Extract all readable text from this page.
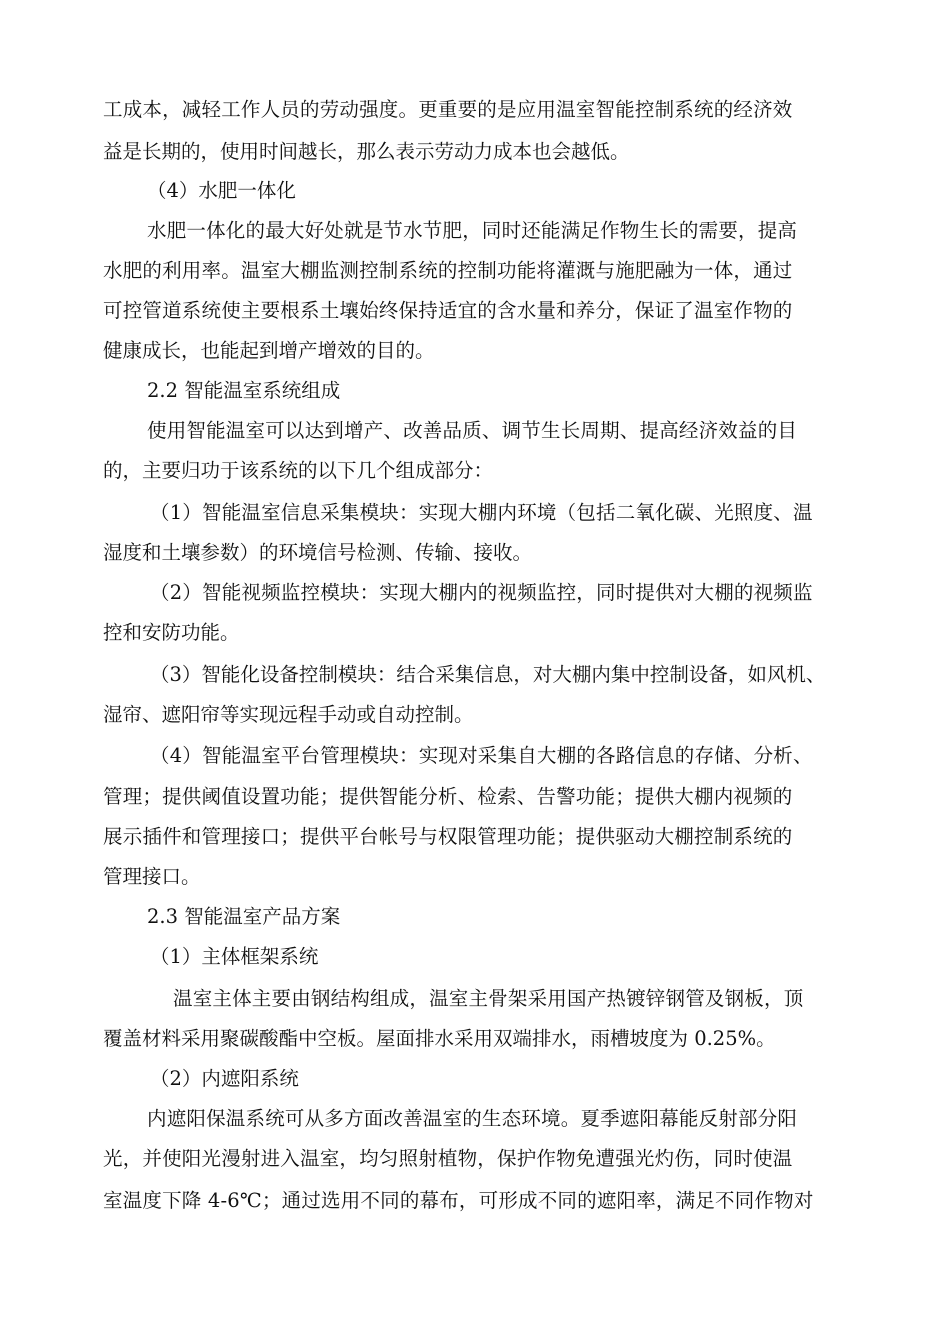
工成本，减轻工作人员的劳动强度。更重要的是应用温室智能控制系统的经济效
益是长期的，使用时间越长，那么表示劳动力成本也会越低。
（4）水肥一体化
水肥一体化的最大好处就是节水节肥，同时还能满足作物生长的需要，提高
水肥的利用率。温室大棚监测控制系统的控制功能将灌溉与施肥融为一体，通过
可控管道系统使主要根系土壤始终保持适宜的含水量和养分，保证了温室作物的
健康成长，也能起到增产增效的目的。
2.2 智能温室系统组成
使用智能温室可以达到增产、改善品质、调节生长周期、提高经济效益的目
的，主要归功于该系统的以下几个组成部分：
（1）智能温室信息采集模块：实现大棚内环境（包括二氧化碳、光照度、温
湿度和土壤参数）的环境信号检测、传输、接收。
（2）智能视频监控模块：实现大棚内的视频监控，同时提供对大棚的视频监
控和安防功能。
（3）智能化设备控制模块：结合采集信息，对大棚内集中控制设备，如风机、
湿帘、遮阳帘等实现远程手动或自动控制。
（4）智能温室平台管理模块：实现对采集自大棚的各路信息的存储、分析、
管理；提供阈值设置功能；提供智能分析、检索、告警功能；提供大棚内视频的
展示插件和管理接口；提供平台帐号与权限管理功能；提供驱动大棚控制系统的
管理接口。
2.3 智能温室产品方案
（1）主体框架系统
温室主体主要由钢结构组成，温室主骨架采用国产热镀锌钢管及钢板，顶
覆盖材料采用聚碳酸酯中空板。屋面排水采用双端排水，雨槽坡度为 0.25%。
（2）内遮阳系统
内遮阳保温系统可从多方面改善温室的生态环境。夏季遮阳幕能反射部分阳
光，并使阳光漫射进入温室，均匀照射植物，保护作物免遭强光灼伤，同时使温
室温度下降 4-6℃；通过选用不同的幕布，可形成不同的遮阳率，满足不同作物对
